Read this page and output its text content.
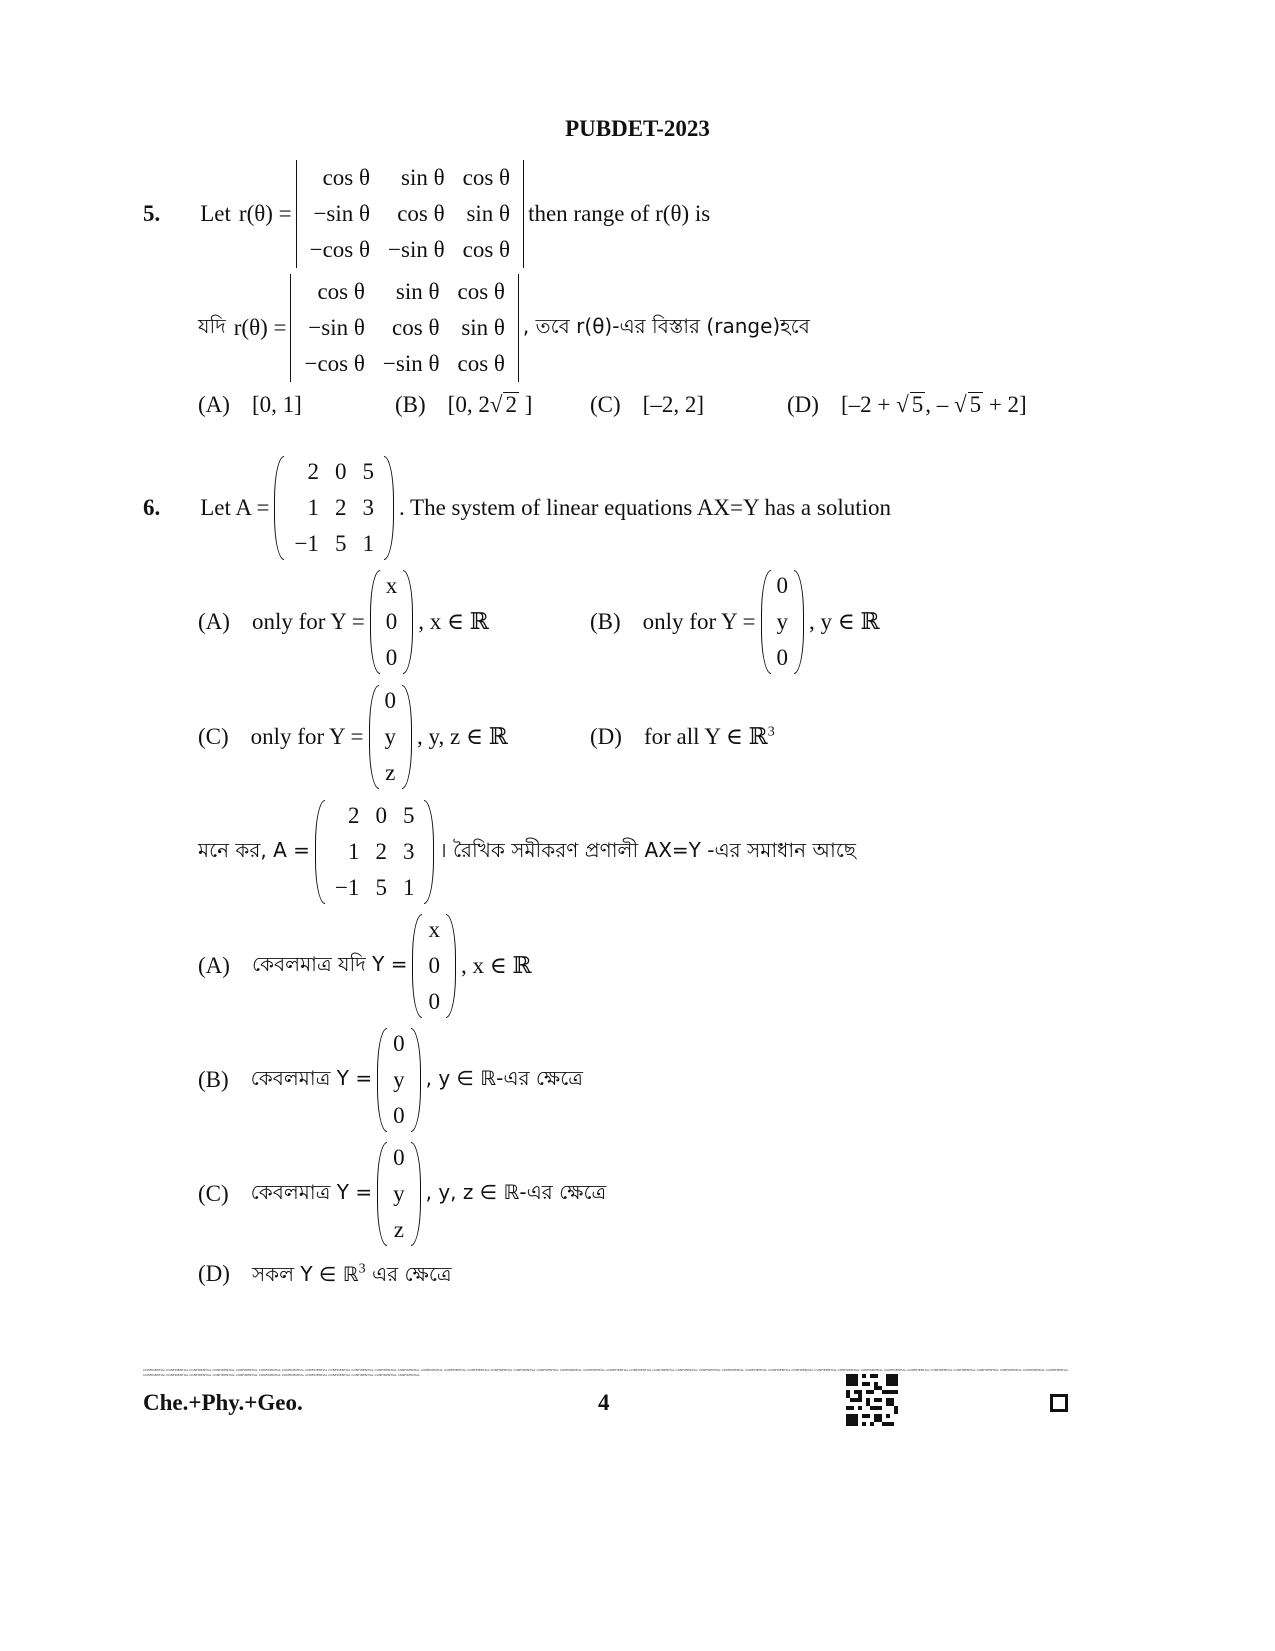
PUBDET-2023
5. Let r(θ) =
cos θ	sin θ	cos θ
−sin θ	cos θ	sin θ
−cos θ	−sin θ	cos θ
then range of r(θ) is
যদি r(θ) =
cos θ	sin θ	cos θ
−sin θ	cos θ	sin θ
−cos θ	−sin θ	cos θ
, তবে r(θ)-এর বিস্তার (range)হবে
(A) [0, 1]	(B) [0, 2√ 2 ]	(C) [–2, 2]	(D) [–2 + √ 5, – √ 5 + 2]
6. Let A =
2	0	5
1	2	3
−1	5	1
. The system of linear equations AX=Y has a solution
(A) only for Y =
x
0
0
, x ∈ ℝ	(B) only for Y =
0
y
0
, y ∈ ℝ
(C) only for Y =
0
y
z
, y, z ∈ ℝ	(D) for all Y ∈ ℝ$^3$
মনে কর, A =
2	0	5
1	2	3
−1	5	1
। রৈখিক সমীকরণ প্রণালী AX=Y -এর সমাধান আছে
(A) কেবলমাত্র যদি Y =
x
0
0
, x ∈ ℝ
(B) কেবলমাত্র Y =
0
y
0
, y ∈ ℝ-এর ক্ষেত্রে
(C) কেবলমাত্র Y =
0
y
z
, y, z ∈ ℝ-এর ক্ষেত্রে
(D) সকল Y ∈ ℝ$^3$ এর ক্ষেত্রে
CONFIDENTIAL CONFIDENTIAL CONFIDENTIAL CONFIDENTIAL CONFIDENTIAL CONFIDENTIAL CONFIDENTIAL CONFIDENTIAL CONFIDENTIAL CONFIDENTIAL CONFIDENTIAL CONFIDENTIAL CONFIDENTIAL CONFIDENTIAL CONFIDENTIAL CONFIDENTIAL CONFIDENTIAL CONFIDENTIAL CONFIDENTIAL CONFIDENTIAL CONFIDENTIAL CONFIDENTIAL CONFIDENTIAL CONFIDENTIAL CONFIDENTIAL CONFIDENTIAL CONFIDENTIAL CONFIDENTIAL CONFIDENTIAL CONFIDENTIAL CONFIDENTIAL CONFIDENTIAL CONFIDENTIAL CONFIDENTIAL CONFIDENTIAL CONFIDENTIAL CONFIDENTIAL CONFIDENTIAL CONFIDENTIAL CONFIDENTIAL CONFIDENTIAL CONFIDENTIAL CONFIDENTIAL CONFIDENTIAL CONFIDENTIAL CONFIDENTIAL CONFIDENTIAL CONFIDENTIAL CONFIDENTIAL CONFIDENTIAL CONFIDENTIAL CONFIDENTIAL
Che.+Phy.+Geo.	4
